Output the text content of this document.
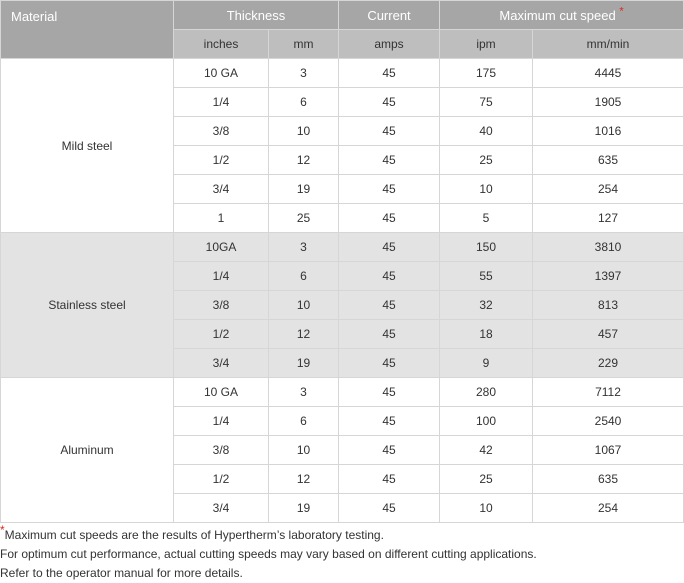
Material	Thickness		Current	Maximum cut speed *
	inches	mm	amps	ipm	mm/min
Mild steel	10 GA	3	45	175	4445
	1/4	6	45	75	1905
	3/8	10	45	40	1016
	1/2	12	45	25	635
	3/4	19	45	10	254
	1	25	45	5	127
Stainless steel	10GA	3	45	150	3810
	1/4	6	45	55	1397
	3/8	10	45	32	813
	1/2	12	45	18	457
	3/4	19	45	9	229
Aluminum	10 GA	3	45	280	7112
	1/4	6	45	100	2540
	3/8	10	45	42	1067
	1/2	12	45	25	635
	3/4	19	45	10	254

*Maximum cut speeds are the results of Hypertherm’s laboratory testing.

For optimum cut performance, actual cutting speeds may vary based on different cutting applications.

Refer to the operator manual for more details.
